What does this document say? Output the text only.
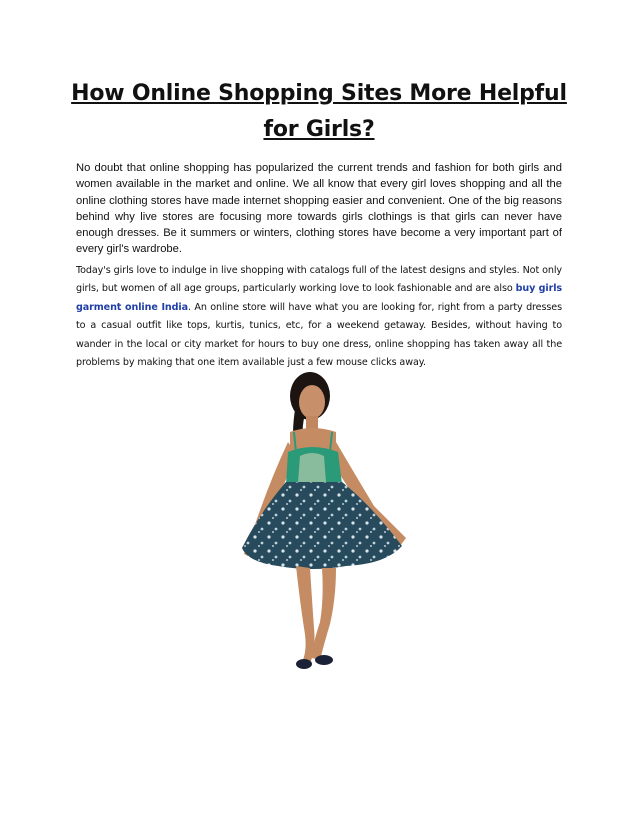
How Online Shopping Sites More Helpful for Girls?

No doubt that online shopping has popularized the current trends and fashion for both girls and women available in the market and online. We all know that every girl loves shopping and all the online clothing stores have made internet shopping easier and convenient. One of the big reasons behind why live stores are focusing more towards girls clothings is that girls can never have enough dresses. Be it summers or winters, clothing stores have become a very important part of every girl's wardrobe.

Today's girls love to indulge in live shopping with catalogs full of the latest designs and styles. Not only girls, but women of all age groups, particularly working love to look fashionable and are also buy girls garment online India. An online store will have what you are looking for, right from a party dresses to a casual outfit like tops, kurtis, tunics, etc, for a weekend getaway. Besides, without having to wander in the local or city market for hours to buy one dress, online shopping has taken away all the problems by making that one item available just a few mouse clicks away.
